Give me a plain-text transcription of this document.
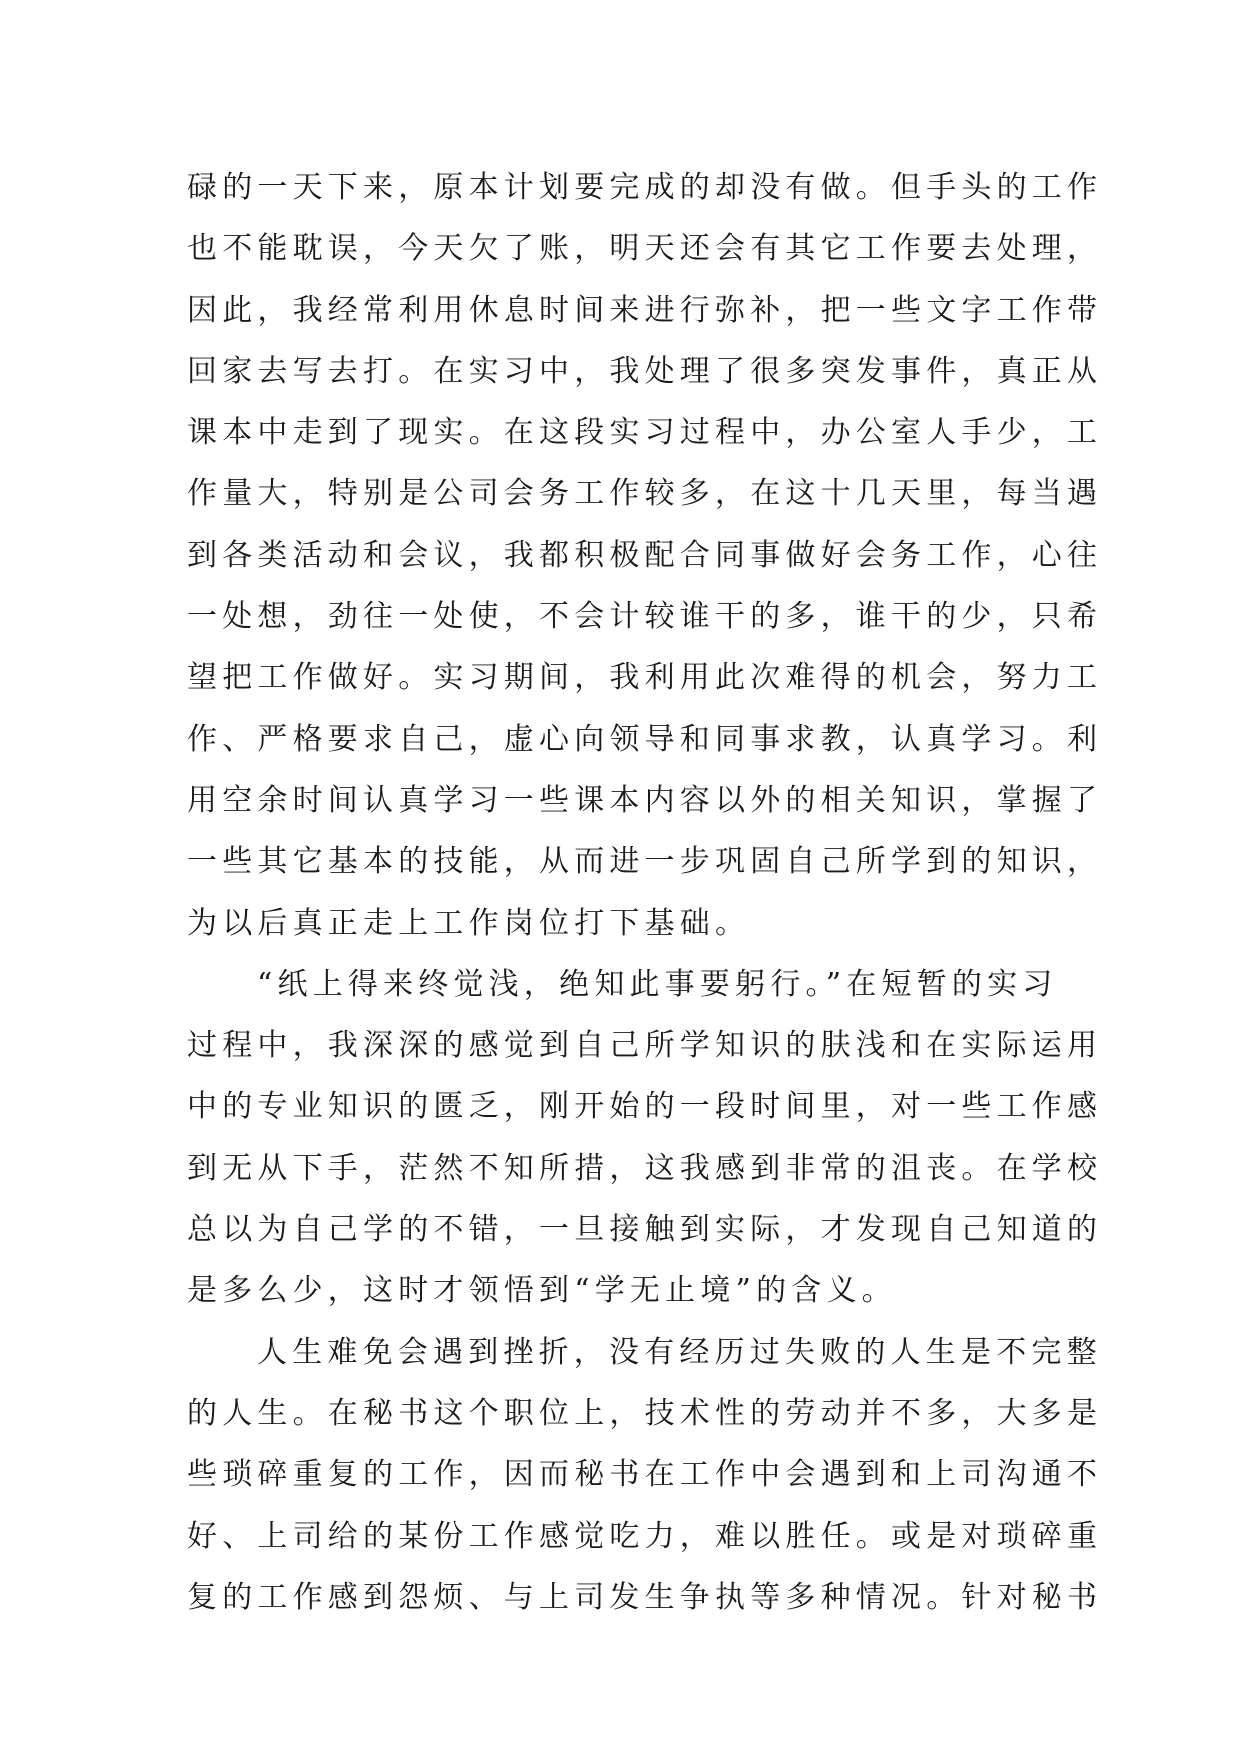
碌的一天下来，原本计划要完成的却没有做。但手头的工作
也不能耽误，今天欠了账，明天还会有其它工作要去处理，
因此，我经常利用休息时间来进行弥补，把一些文字工作带
回家去写去打。在实习中，我处理了很多突发事件，真正从
课本中走到了现实。在这段实习过程中，办公室人手少，工
作量大，特别是公司会务工作较多，在这十几天里，每当遇
到各类活动和会议，我都积极配合同事做好会务工作，心往
一处想，劲往一处使，不会计较谁干的多，谁干的少，只希
望把工作做好。实习期间，我利用此次难得的机会，努力工
作、严格要求自己，虚心向领导和同事求教，认真学习。利
用空余时间认真学习一些课本内容以外的相关知识，掌握了
一些其它基本的技能，从而进一步巩固自己所学到的知识，
为以后真正走上工作岗位打下基础。
“纸上得来终觉浅，绝知此事要躬行。”在短暂的实习
过程中，我深深的感觉到自己所学知识的肤浅和在实际运用
中的专业知识的匮乏，刚开始的一段时间里，对一些工作感
到无从下手，茫然不知所措，这我感到非常的沮丧。在学校
总以为自己学的不错，一旦接触到实际，才发现自己知道的
是多么少，这时才领悟到“学无止境”的含义。
人生难免会遇到挫折，没有经历过失败的人生是不完整
的人生。在秘书这个职位上，技术性的劳动并不多，大多是
些琐碎重复的工作，因而秘书在工作中会遇到和上司沟通不
好、上司给的某份工作感觉吃力，难以胜任。或是对琐碎重
复的工作感到怨烦、与上司发生争执等多种情况。针对秘书
